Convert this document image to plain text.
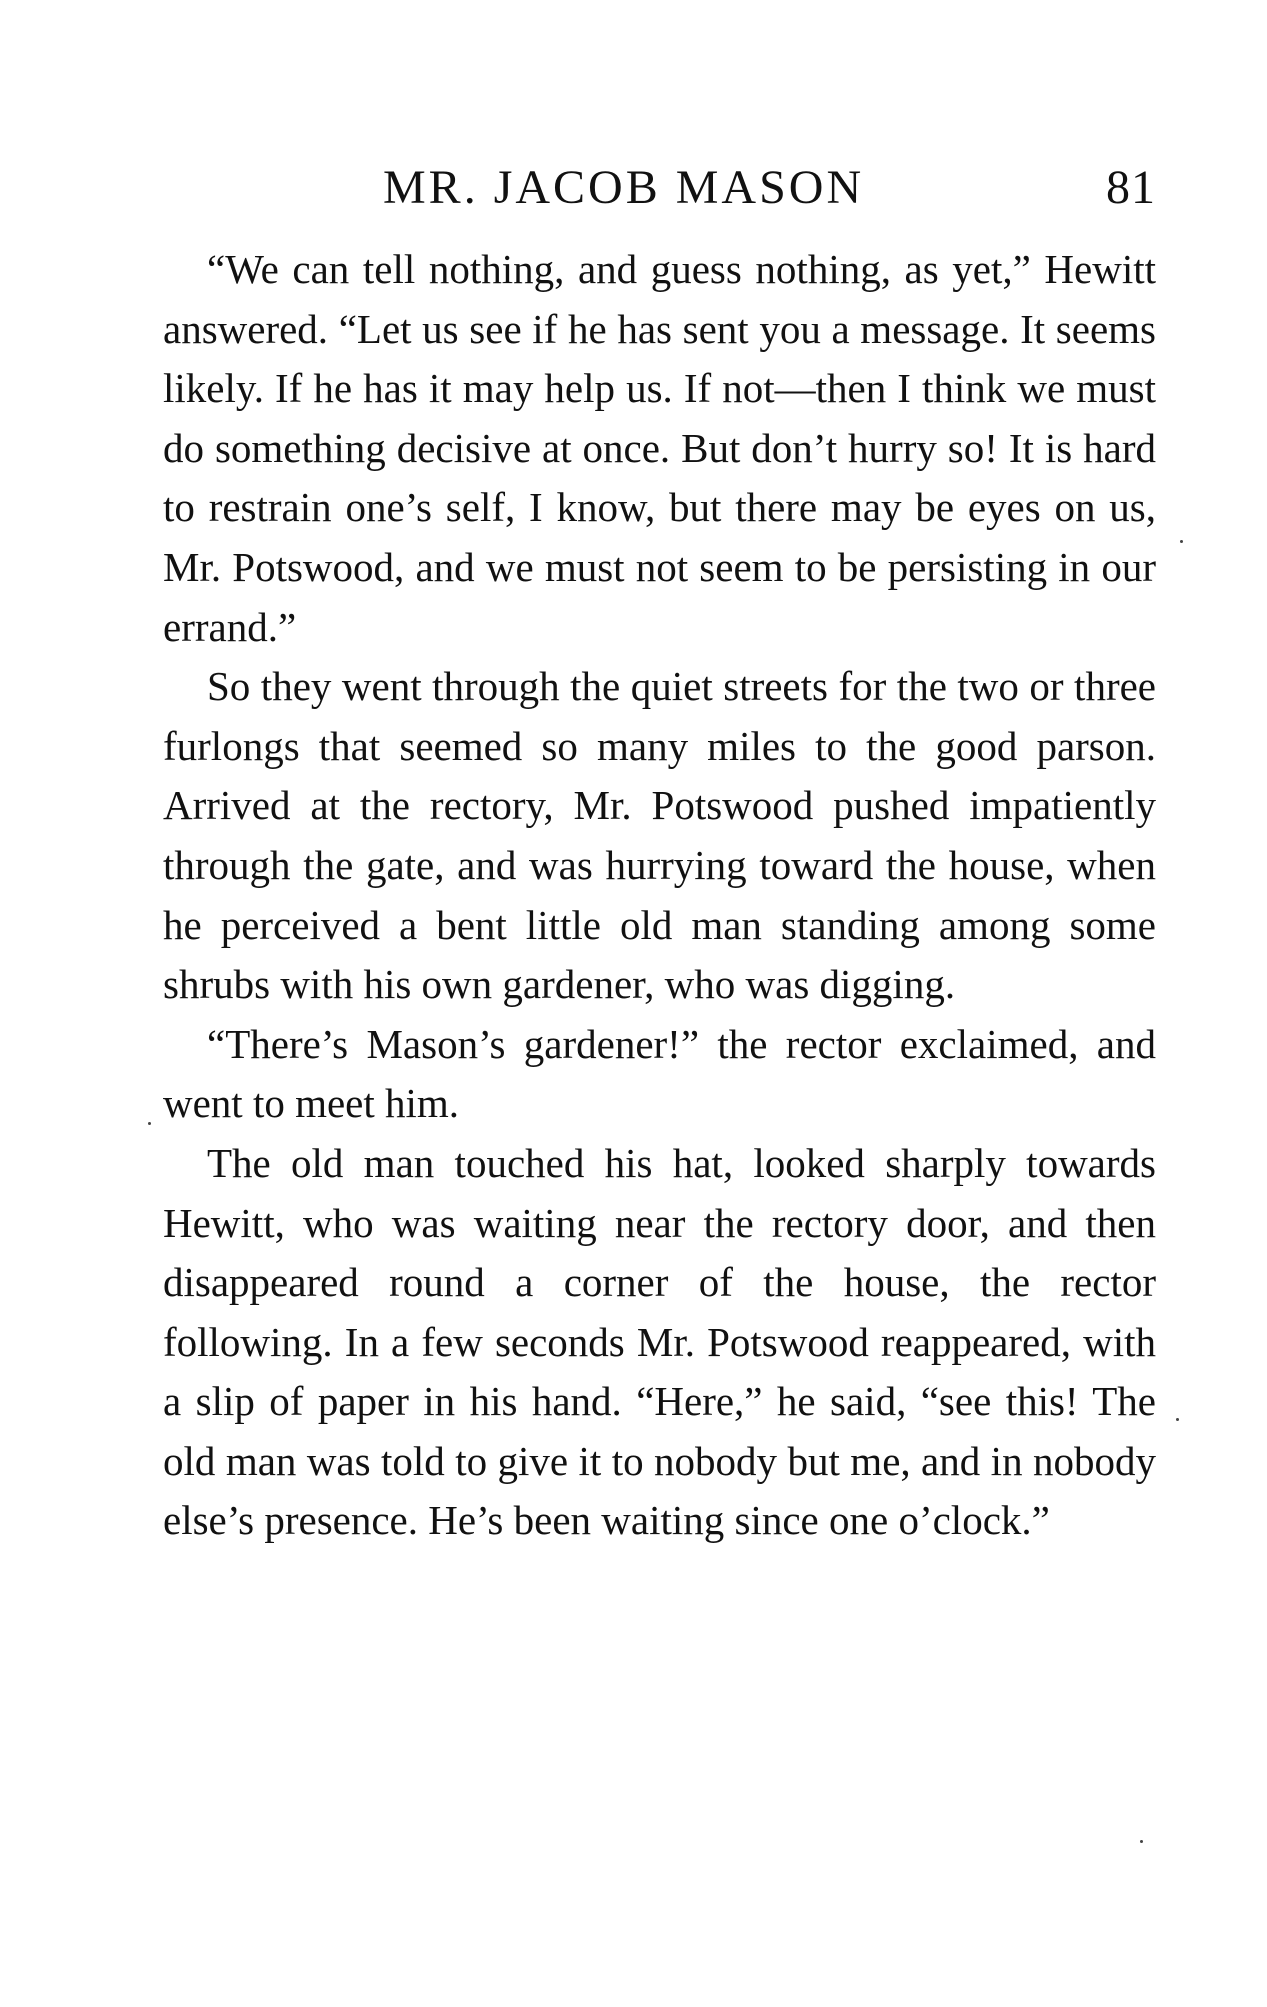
MR. JACOB MASON	81

“We can tell nothing, and guess nothing, as yet,” Hewitt answered. “Let us see if he has sent you a message. It seems likely. If he has it may help us. If not—then I think we must do something decisive at once. But don’t hurry so! It is hard to restrain one’s self, I know, but there may be eyes on us, Mr. Potswood, and we must not seem to be persisting in our errand.”

So they went through the quiet streets for the two or three furlongs that seemed so many miles to the good parson. Arrived at the rectory, Mr. Potswood pushed impatiently through the gate, and was hurrying toward the house, when he perceived a bent little old man standing among some shrubs with his own gardener, who was digging.

“There’s Mason’s gardener!” the rector exclaimed, and went to meet him.

The old man touched his hat, looked sharply towards Hewitt, who was waiting near the rectory door, and then disappeared round a corner of the house, the rector following. In a few seconds Mr. Potswood reappeared, with a slip of paper in his hand. “Here,” he said, “see this! The old man was told to give it to nobody but me, and in nobody else’s presence. He’s been waiting since one o’clock.”
